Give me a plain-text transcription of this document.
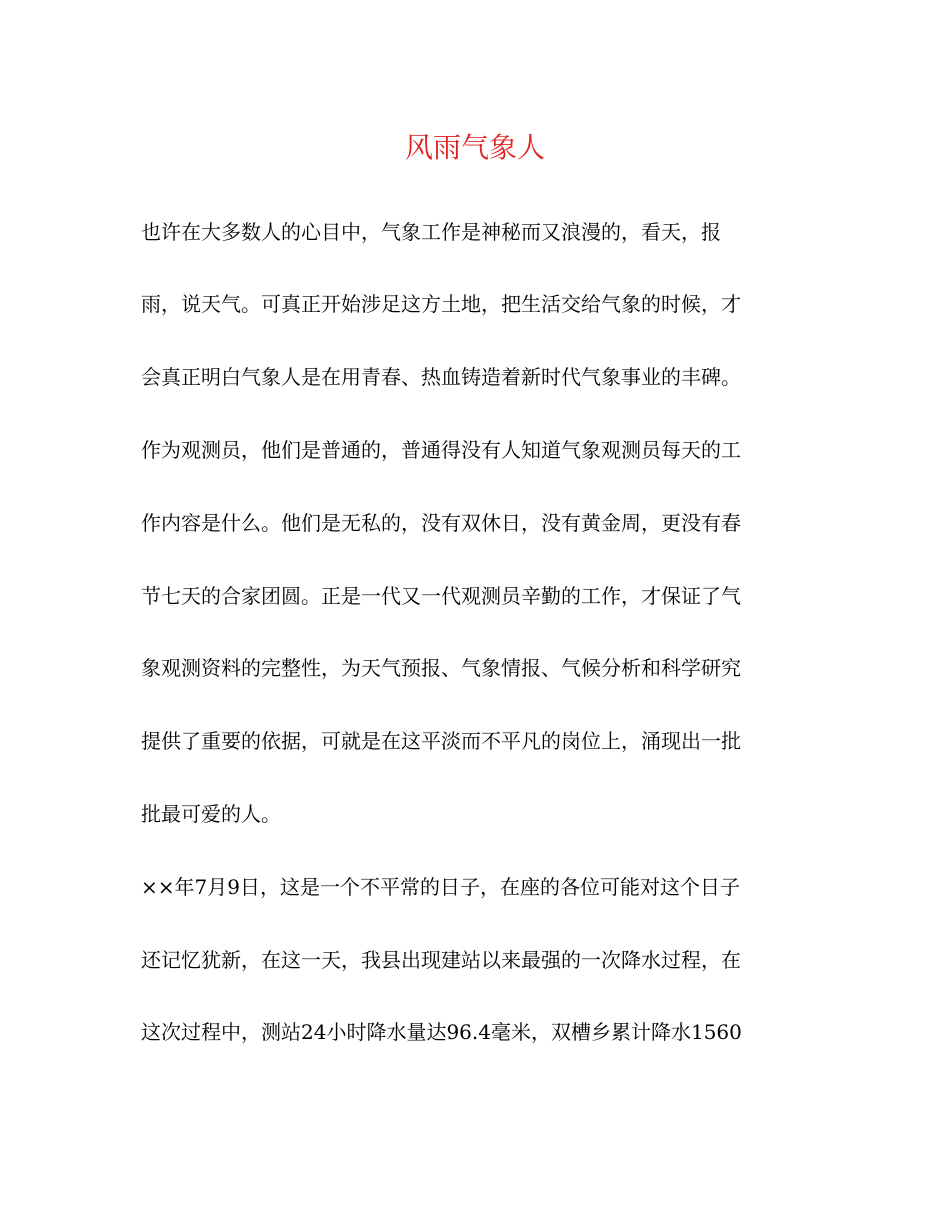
风雨气象人

也许在大多数人的心目中，气象工作是神秘而又浪漫的，看天，报

雨，说天气。可真正开始涉足这方土地，把生活交给气象的时候，才

会真正明白气象人是在用青春、热血铸造着新时代气象事业的丰碑。

作为观测员，他们是普通的，普通得没有人知道气象观测员每天的工

作内容是什么。他们是无私的，没有双休日，没有黄金周，更没有春

节七天的合家团圆。正是一代又一代观测员辛勤的工作，才保证了气

象观测资料的完整性，为天气预报、气象情报、气候分析和科学研究

提供了重要的依据，可就是在这平淡而不平凡的岗位上，涌现出一批

批最可爱的人。

××年7月9日，这是一个不平常的日子，在座的各位可能对这个日子

还记忆犹新，在这一天，我县出现建站以来最强的一次降水过程，在

这次过程中，测站24小时降水量达96.4毫米，双槽乡累计降水1560
